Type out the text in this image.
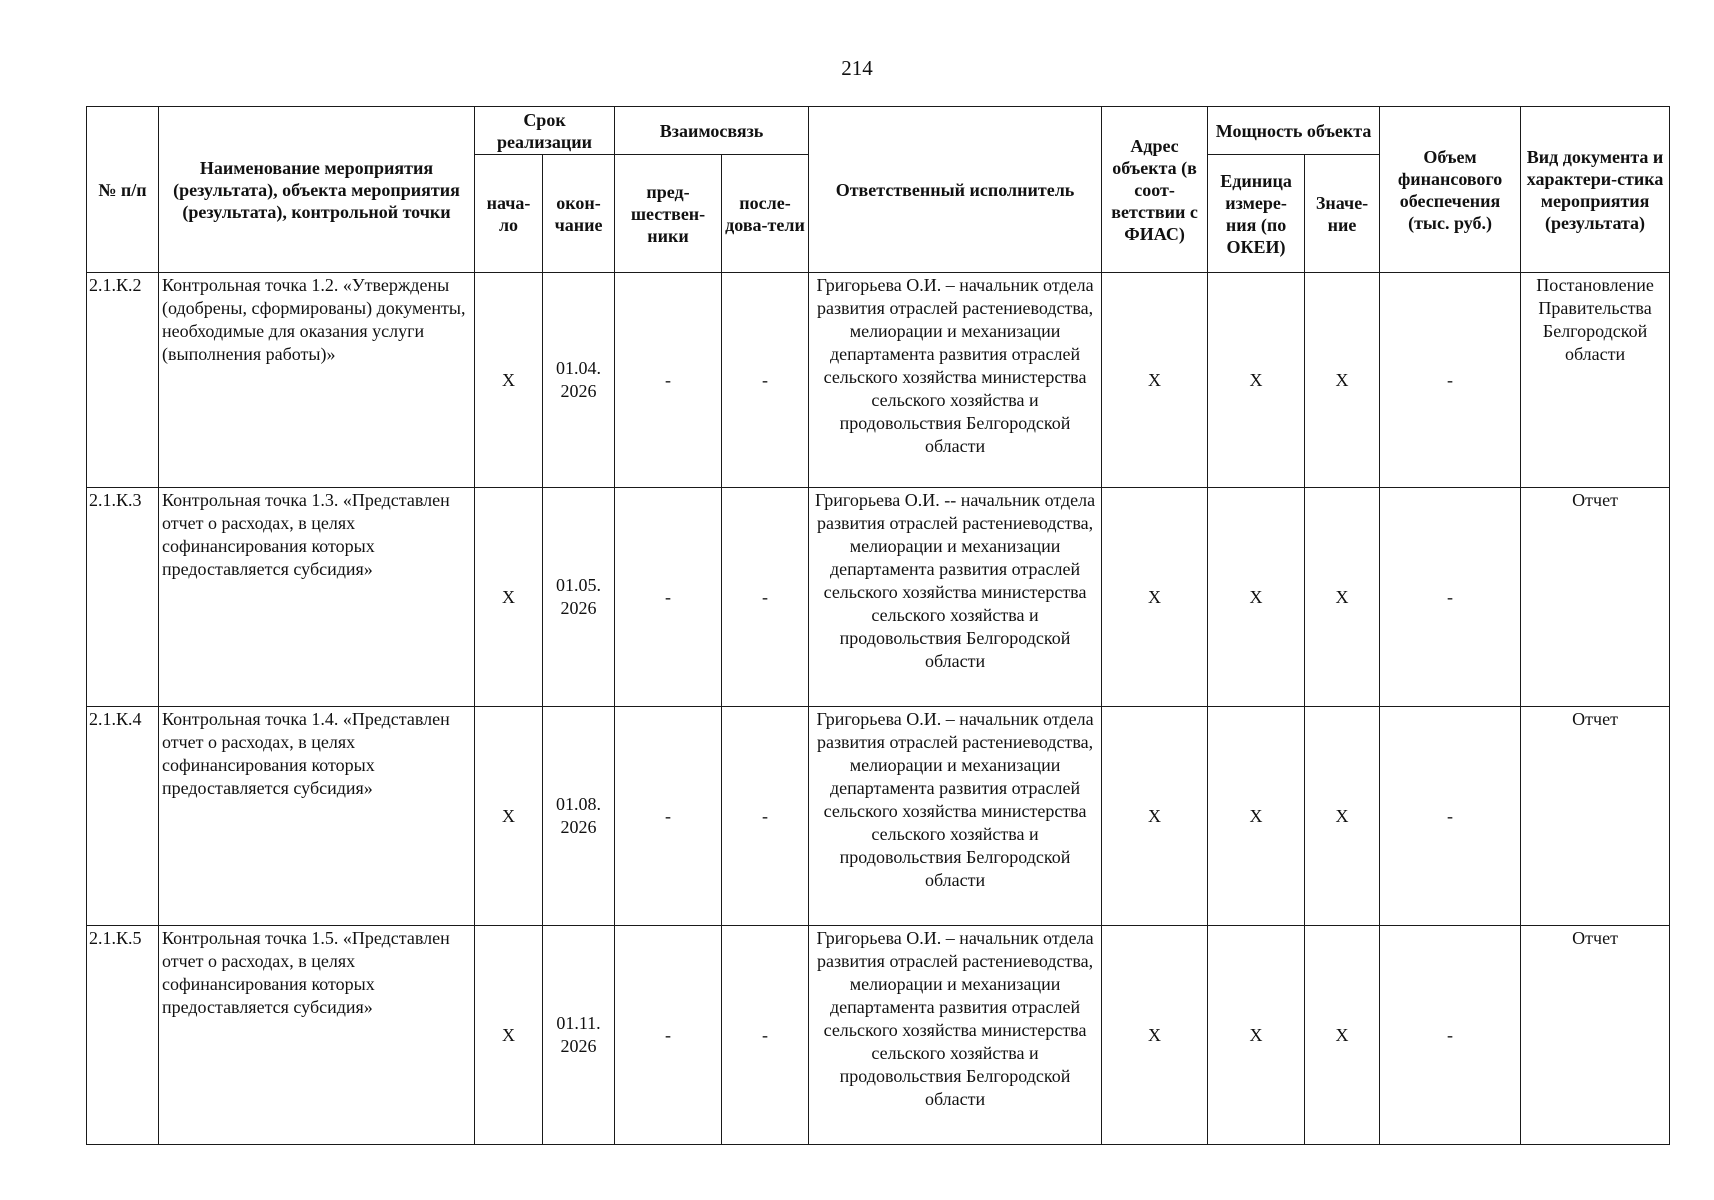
214
№ п/п	Наименование мероприятия (результата), объекта мероприятия (результата), контрольной точки	Срок реализации		Взаимосвязь		Ответственный исполнитель	Адрес объекта (в соот-ветствии с ФИАС)	Мощность объекта		Объем финансового обеспечения (тыс. руб.)	Вид документа и характери-стика мероприятия (результата)
		нача-ло	окон-чание	пред-шествен-ники	после-дова-тели			Единица измере-ния (по ОКЕИ)	Значе-ние		
2.1.К.2	Контрольная точка 1.2. «Утверждены (одобрены, сформированы) документы, необходимые для оказания услуги (выполнения работы)»	X	01.04. 2026	-	-	Григорьева О.И. – начальник отдела развития отраслей растениеводства, мелиорации и механизации департамента развития отраслей сельского хозяйства министерства сельского хозяйства и продовольствия Белгородской области	X	X	X	-	Постановление Правительства Белгородской области
2.1.К.3	Контрольная точка 1.3. «Представлен отчет о расходах, в целях софинансирования которых предоставляется субсидия»	X	01.05. 2026	-	-	Григорьева О.И. -- начальник отдела развития отраслей растениеводства, мелиорации и механизации департамента развития отраслей сельского хозяйства министерства сельского хозяйства и продовольствия Белгородской области	X	X	X	-	Отчет
2.1.К.4	Контрольная точка 1.4. «Представлен отчет о расходах, в целях софинансирования которых предоставляется субсидия»	X	01.08. 2026	-	-	Григорьева О.И. – начальник отдела развития отраслей растениеводства, мелиорации и механизации департамента развития отраслей сельского хозяйства министерства сельского хозяйства и продовольствия Белгородской области	X	X	X	-	Отчет
2.1.К.5	Контрольная точка 1.5. «Представлен отчет о расходах, в целях софинансирования которых предоставляется субсидия»	X	01.11. 2026	-	-	Григорьева О.И. – начальник отдела развития отраслей растениеводства, мелиорации и механизации департамента развития отраслей сельского хозяйства министерства сельского хозяйства и продовольствия Белгородской области	X	X	X	-	Отчет
